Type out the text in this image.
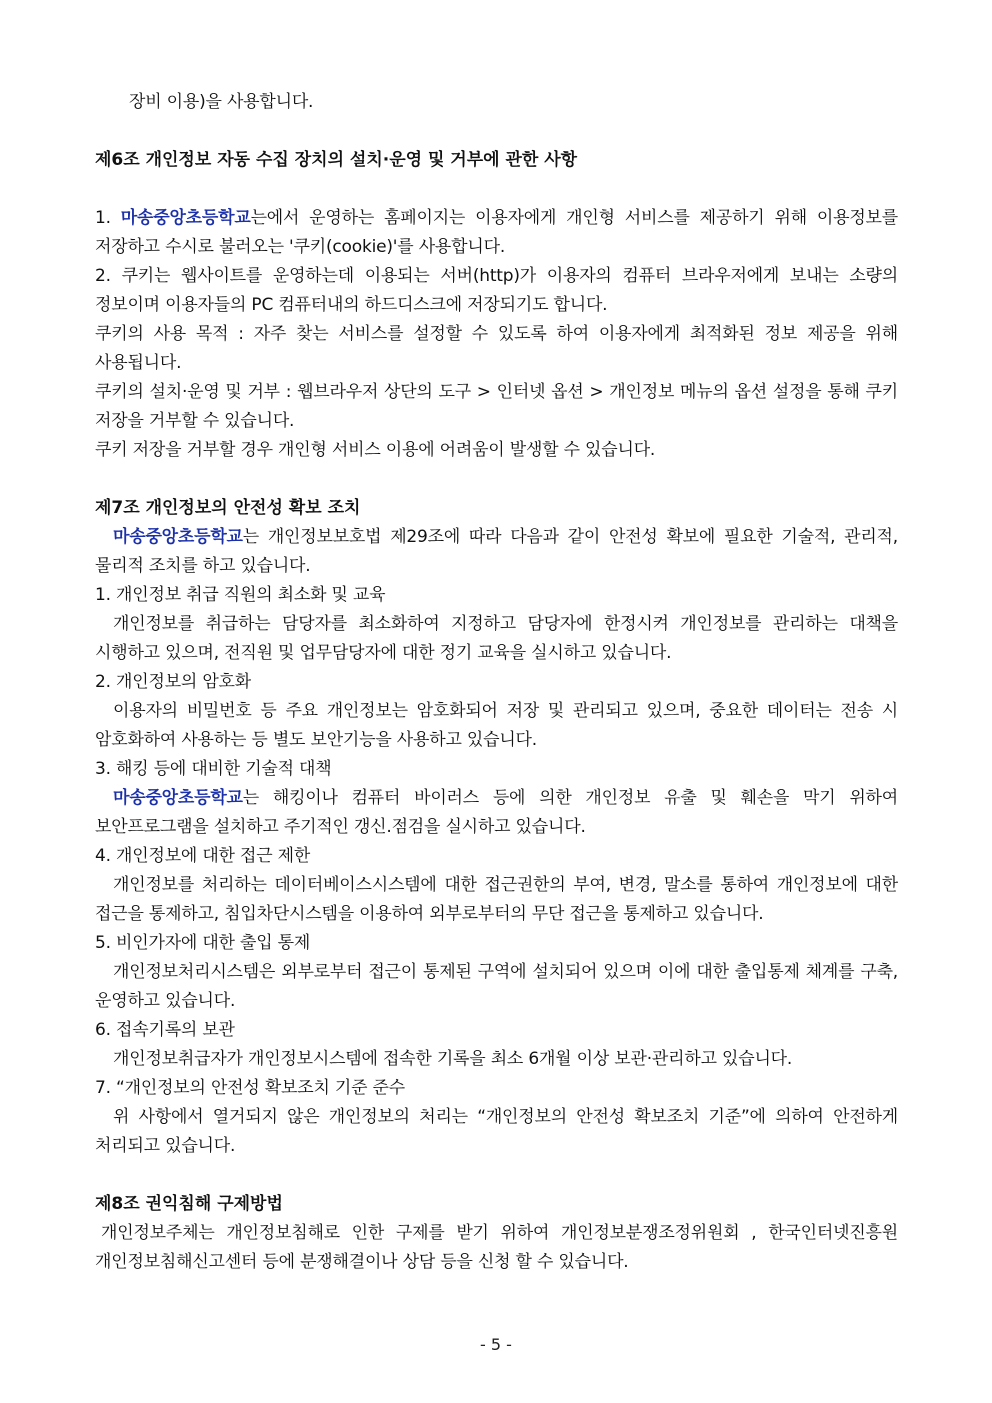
장비 이용)을 사용합니다.

제6조 개인정보 자동 수집 장치의 설치·운영 및 거부에 관한 사항

1. 마송중앙초등학교는에서 운영하는 홈페이지는 이용자에게 개인형 서비스를 제공하기 위해 이용정보를 저장하고 수시로 불러오는 '쿠키(cookie)'를 사용합니다.

2. 쿠키는 웹사이트를 운영하는데 이용되는 서버(http)가 이용자의 컴퓨터 브라우저에게 보내는 소량의 정보이며 이용자들의 PC 컴퓨터내의 하드디스크에 저장되기도 합니다.

쿠키의 사용 목적 : 자주 찾는 서비스를 설정할 수 있도록 하여 이용자에게 최적화된 정보 제공을 위해 사용됩니다.

쿠키의 설치·운영 및 거부 : 웹브라우저 상단의 도구 > 인터넷 옵션 > 개인정보 메뉴의 옵션 설정을 통해 쿠키 저장을 거부할 수 있습니다.

쿠키 저장을 거부할 경우 개인형 서비스 이용에 어려움이 발생할 수 있습니다.

제7조 개인정보의 안전성 확보 조치

마송중앙초등학교는 개인정보보호법 제29조에 따라 다음과 같이 안전성 확보에 필요한 기술적, 관리적, 물리적 조치를 하고 있습니다.

1. 개인정보 취급 직원의 최소화 및 교육

개인정보를 취급하는 담당자를 최소화하여 지정하고 담당자에 한정시켜 개인정보를 관리하는 대책을 시행하고 있으며, 전직원 및 업무담당자에 대한 정기 교육을 실시하고 있습니다.

2. 개인정보의 암호화

이용자의 비밀번호 등 주요 개인정보는 암호화되어 저장 및 관리되고 있으며, 중요한 데이터는 전송 시 암호화하여 사용하는 등 별도 보안기능을 사용하고 있습니다.

3. 해킹 등에 대비한 기술적 대책

마송중앙초등학교는 해킹이나 컴퓨터 바이러스 등에 의한 개인정보 유출 및 훼손을 막기 위하여 보안프로그램을 설치하고 주기적인 갱신.점검을 실시하고 있습니다.

4. 개인정보에 대한 접근 제한

개인정보를 처리하는 데이터베이스시스템에 대한 접근권한의 부여, 변경, 말소를 통하여 개인정보에 대한 접근을 통제하고, 침입차단시스템을 이용하여 외부로부터의 무단 접근을 통제하고 있습니다.

5. 비인가자에 대한 출입 통제

개인정보처리시스템은 외부로부터 접근이 통제된 구역에 설치되어 있으며 이에 대한 출입통제 체계를 구축, 운영하고 있습니다.

6. 접속기록의 보관

개인정보취급자가 개인정보시스템에 접속한 기록을 최소 6개월 이상 보관·관리하고 있습니다.

7. “개인정보의 안전성 확보조치 기준 준수

위 사항에서 열거되지 않은 개인정보의 처리는 “개인정보의 안전성 확보조치 기준”에 의하여 안전하게 처리되고 있습니다.

제8조 권익침해 구제방법

개인정보주체는 개인정보침해로 인한 구제를 받기 위하여 개인정보분쟁조정위원회 , 한국인터넷진흥원 개인정보침해신고센터 등에 분쟁해결이나 상담 등을 신청 할 수 있습니다.

- 5 -
